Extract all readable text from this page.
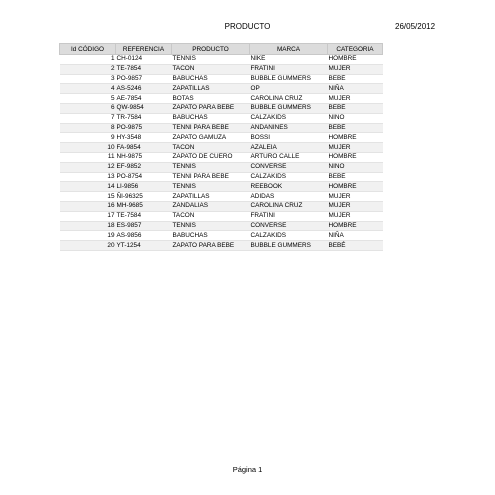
PRODUCTO	26/05/2012
Id CÓDIGO	REFERENCIA	PRODUCTO	MARCA	CATEGORIA
1	CH-0124	TENNIS	NIKE	HOMBRE
2	TE-7854	TACON	FRATINI	MUJER
3	PO-9857	BABUCHAS	BUBBLE GUMMERS	BEBÉ
4	AS-5246	ZAPATILLAS	OP	NIÑA
5	AE-7854	BOTAS	CAROLINA CRUZ	MUJER
6	QW-9854	ZAPATO PARA BEBE	BUBBLE GUMMERS	BEBÉ
7	TR-7584	BABUCHAS	CALZAKIDS	NIÑO
8	PO-9875	TENNI PARA BEBE	ANDANINES	BEBÉ
9	HY-3548	ZAPATO GAMUZA	BOSSI	HOMBRE
10	FA-9854	TACON	AZALEIA	MUJER
11	NH-9875	ZAPATO DE CUERO	ARTURO CALLE	HOMBRE
12	EF-9852	TENNIS	CONVERSE	NIÑO
13	PO-8754	TENNI PARA BEBE	CALZAKIDS	BEBÉ
14	LI-9856	TENNIS	REEBOOK	HOMBRE
15	ÑI-96325	ZAPATILLAS	ADIDAS	MUJER
16	MH-9685	ZANDALIAS	CAROLINA CRUZ	MUJER
17	TE-7584	TACON	FRATINI	MUJER
18	ES-9857	TENNIS	CONVERSE	HOMBRE
19	AS-9856	BABUCHAS	CALZAKIDS	NIÑA
20	YT-1254	ZAPATO PARA BEBE	BUBBLE GUMMERS	BEBÉ
Página 1
